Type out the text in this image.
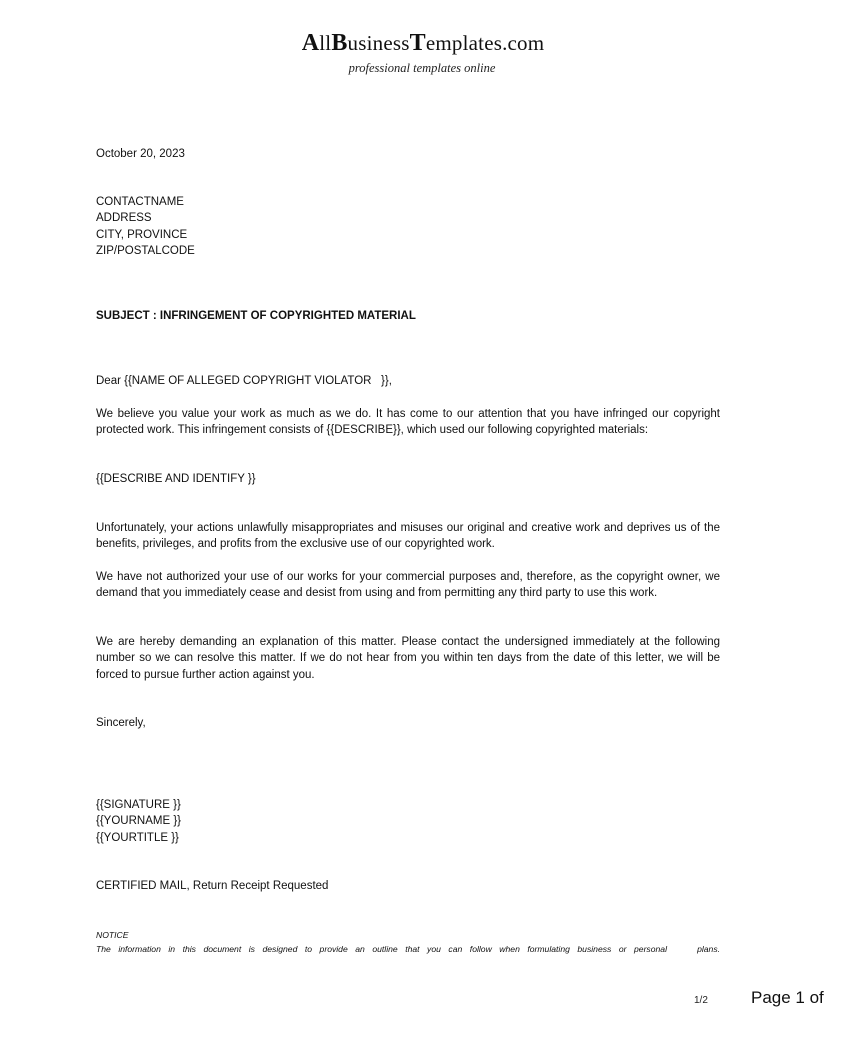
AllBusinessTemplates.com
professional templates online
October 20, 2023
CONTACTNAME
ADDRESS
CITY, PROVINCE
ZIP/POSTALCODE
SUBJECT : INFRINGEMENT OF COPYRIGHTED MATERIAL
Dear {{NAME OF ALLEGED COPYRIGHT VIOLATOR   }},
We believe you value your work as much as we do. It has come to our attention that you have infringed our copyright protected work. This infringement consists of {{DESCRIBE}}, which used our following copyrighted materials:
{{DESCRIBE AND IDENTIFY }}
Unfortunately, your actions unlawfully misappropriates and misuses our original and creative work and deprives us of the benefits, privileges, and profits from the exclusive use of our copyrighted work.
We have not authorized your use of our works for your commercial purposes and, therefore, as the copyright owner, we demand that you immediately cease and desist from using and from permitting any third party to use this work.
We are hereby demanding an explanation of this matter. Please contact the undersigned immediately at the following number so we can resolve this matter. If we do not hear from you within ten days from the date of this letter, we will be forced to pursue further action against you.
Sincerely,
{{SIGNATURE }}
{{YOURNAME }}
{{YOURTITLE }}
CERTIFIED MAIL, Return Receipt Requested
NOTICE
The information in this document is designed to provide an outline that you can follow when formulating business or personal    plans.
1/2	Page 1 of
